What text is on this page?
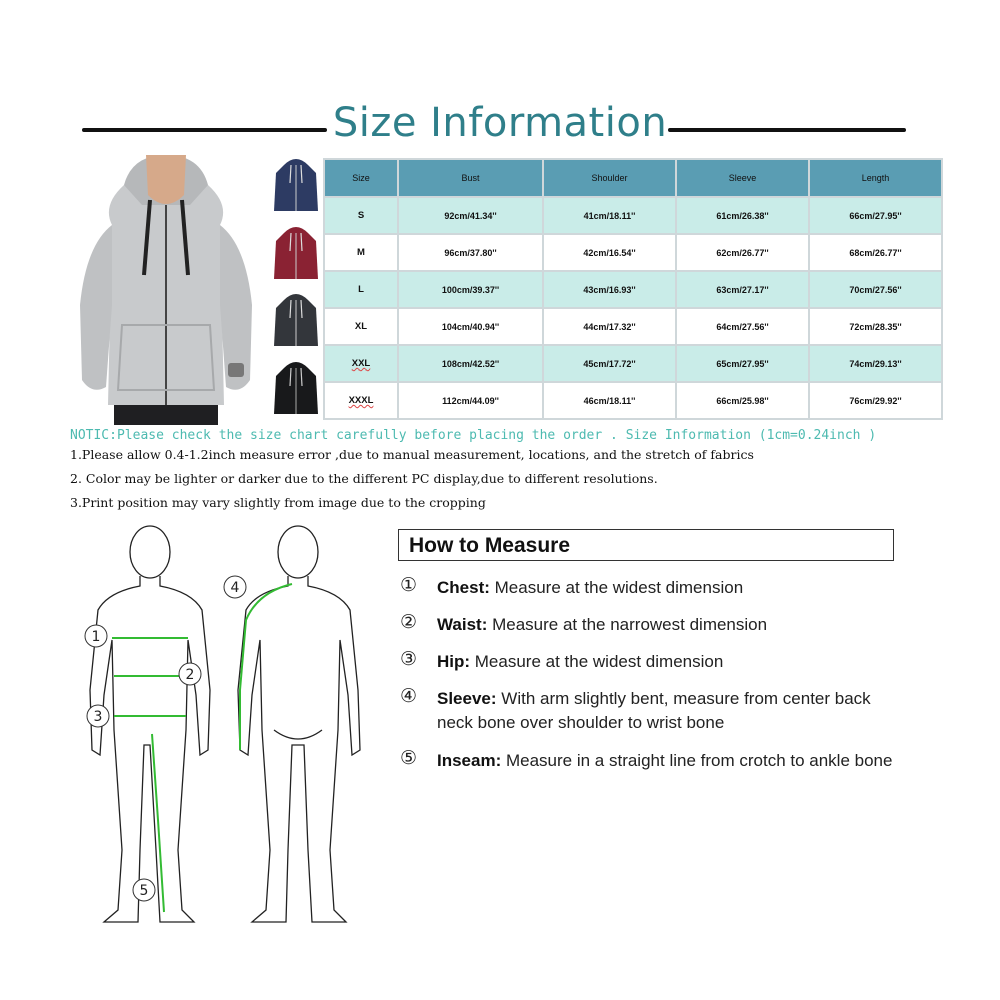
Size Information
Size	Bust	Shoulder	Sleeve	Length
S	92cm/41.34''	41cm/18.11''	61cm/26.38''	66cm/27.95''
M	96cm/37.80''	42cm/16.54''	62cm/26.77''	68cm/26.77''
L	100cm/39.37''	43cm/16.93''	63cm/27.17''	70cm/27.56''
XL	104cm/40.94''	44cm/17.32''	64cm/27.56''	72cm/28.35''
XXL	108cm/42.52''	45cm/17.72''	65cm/27.95''	74cm/29.13''
XXXL	112cm/44.09''	46cm/18.11''	66cm/25.98''	76cm/29.92''
NOTIC:Please check the size chart carefully before placing the order . Size Information (1cm=0.24inch )
1.Please allow 0.4-1.2inch measure error ,due to manual measurement, locations, and the stretch of fabrics
2. Color may be lighter or darker due to the different PC display,due to different resolutions.
3.Print position may vary slightly from image due to the cropping
1
2
3
4
5
How to Measure
① Chest: Measure at the widest dimension
② Waist: Measure at the narrowest dimension
③ Hip: Measure at the widest dimension
④ Sleeve: With arm slightly bent, measure from center back neck bone over shoulder to wrist bone
⑤ Inseam: Measure in a straight line from crotch to ankle bone
